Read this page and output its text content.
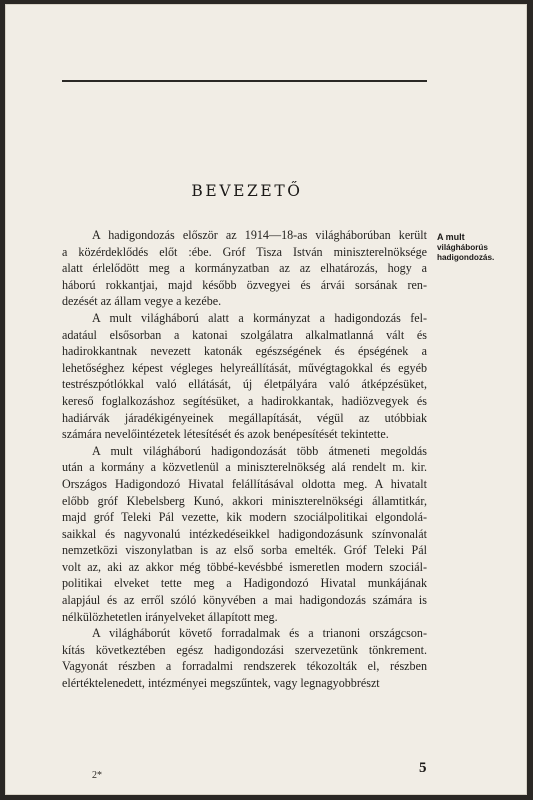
BEVEZETŐ
A mult
világháborús
hadigondozás.
A hadigondozás először az 1914—18-as világháborúban került
a közérdeklődés előt :ébe. Gróf Tisza István miniszterelnöksége
alatt érlelődött meg a kormányzatban az az elhatározás, hogy a
háború rokkantjai, majd később özvegyei és árvái sorsának ren-
dezését az állam vegye a kezébe.
A mult világháború alatt a kormányzat a hadigondozás fel-
adatául elsősorban a katonai szolgálatra alkalmatlanná vált és
hadirokkantnak nevezett katonák egészségének és épségének a
lehetőséghez képest végleges helyreállítását, művégtagokkal és egyéb
testrészpótlókkal való ellátását, új életpályára való átképzésüket,
kereső foglalkozáshoz segítésüket, a hadirokkantak, hadiözvegyek és
hadiárvák járadékigényeinek megállapítását, végül az utóbbiak
számára nevelőintézetek létesítését és azok benépesítését tekintette.
A mult világháború hadigondozását több átmeneti megoldás
után a kormány a közvetlenül a miniszterelnökség alá rendelt m. kir.
Országos Hadigondozó Hivatal felállításával oldotta meg. A hivatalt
előbb gróf Klebelsberg Kunó, akkori miniszterelnökségi államtitkár,
majd gróf Teleki Pál vezette, kik modern szociálpolitikai elgondolá-
saikkal és nagyvonalú intézkedéseikkel hadigondozásunk színvonalát
nemzetközi viszonylatban is az első sorba emelték. Gróf Teleki Pál
volt az, aki az akkor még többé-kevésbbé ismeretlen modern szociál-
politikai elveket tette meg a Hadigondozó Hivatal munkájának
alapjául és az erről szóló könyvében a mai hadigondozás számára is
nélkülözhetetlen irányelveket állapított meg.
A világháborút követő forradalmak és a trianoni országcson-
kítás következtében egész hadigondozási szervezetünk tönkrement.
Vagyonát részben a forradalmi rendszerek tékozolták el, részben
elértéktelenedett, intézményei megszűntek, vagy legnagyobbrészt
2*	5
